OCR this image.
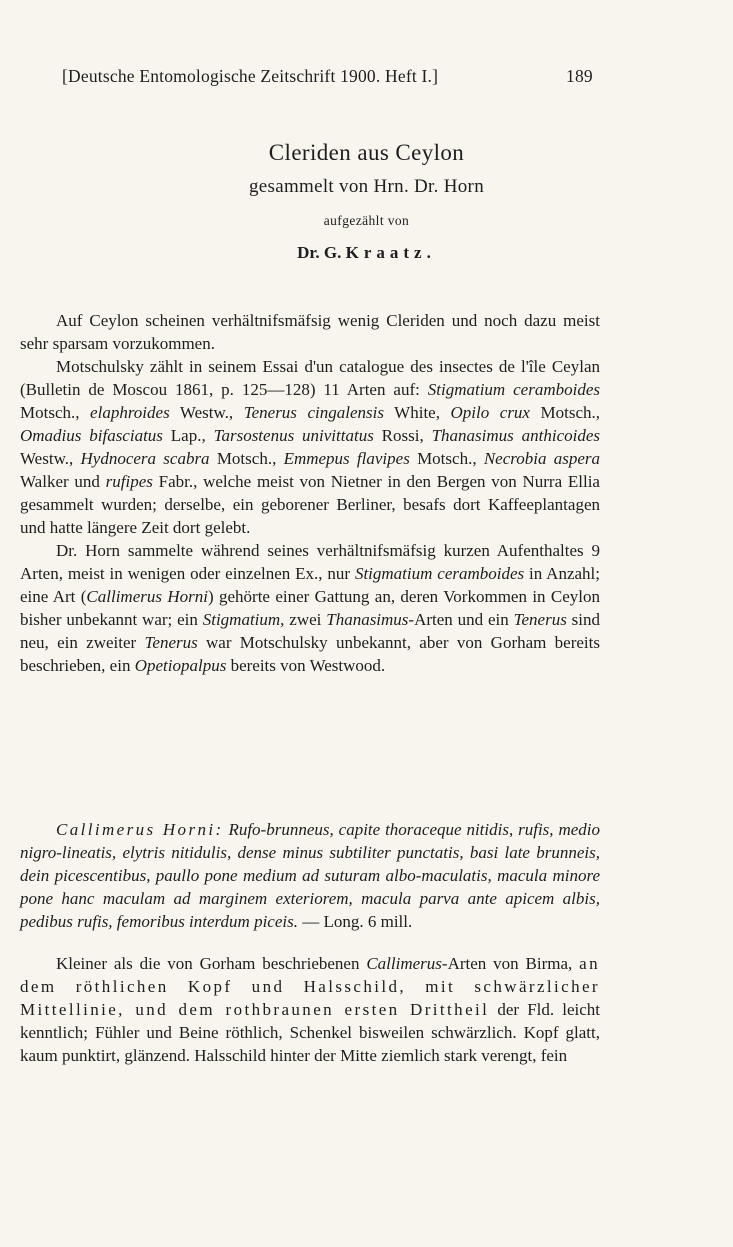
[Deutsche Entomologische Zeitschrift 1900. Heft I.]	189
Cleriden aus Ceylon
gesammelt von Hrn. Dr. Horn
aufgezählt von
Dr. G. Kraatz.

Auf Ceylon scheinen verhältnifsmäfsig wenig Cleriden und noch dazu meist sehr sparsam vorzukommen.

Motschulsky zählt in seinem Essai d'un catalogue des insectes de l'île Ceylan (Bulletin de Moscou 1861, p. 125—128) 11 Arten auf: Stigmatium ceramboides Motsch., elaphroides Westw., Tenerus cingalensis White, Opilo crux Motsch., Omadius bifasciatus Lap., Tarsostenus univittatus Rossi, Thanasimus anthicoides Westw., Hydnocera scabra Motsch., Emmepus flavipes Motsch., Necrobia aspera Walker und rufipes Fabr., welche meist von Nietner in den Bergen von Nurra Ellia gesammelt wurden; derselbe, ein geborener Berliner, besafs dort Kaffeeplantagen und hatte längere Zeit dort gelebt.

Dr. Horn sammelte während seines verhältnifsmäfsig kurzen Aufenthaltes 9 Arten, meist in wenigen oder einzelnen Ex., nur Stigmatium ceramboides in Anzahl; eine Art (Callimerus Horni) gehörte einer Gattung an, deren Vorkommen in Ceylon bisher unbekannt war; ein Stigmatium, zwei Thanasimus-Arten und ein Tenerus sind neu, ein zweiter Tenerus war Motschulsky unbekannt, aber von Gorham bereits beschrieben, ein Opetiopalpus bereits von Westwood.

Callimerus Horni: Rufo-brunneus, capite thoraceque nitidis, rufis, medio nigro-lineatis, elytris nitidulis, dense minus subtiliter punctatis, basi late brunneis, dein picescentibus, paullo pone medium ad suturam albo-maculatis, macula minore pone hanc maculam ad marginem exteriorem, macula parva ante apicem albis, pedibus rufis, femoribus interdum piceis. — Long. 6 mill.

Kleiner als die von Gorham beschriebenen Callimerus-Arten von Birma, an dem röthlichen Kopf und Halsschild, mit schwärzlicher Mittellinie, und dem rothbraunen ersten Drittheil der Fld. leicht kenntlich; Fühler und Beine röthlich, Schenkel bisweilen schwärzlich. Kopf glatt, kaum punktirt, glänzend. Halsschild hinter der Mitte ziemlich stark verengt, fein
